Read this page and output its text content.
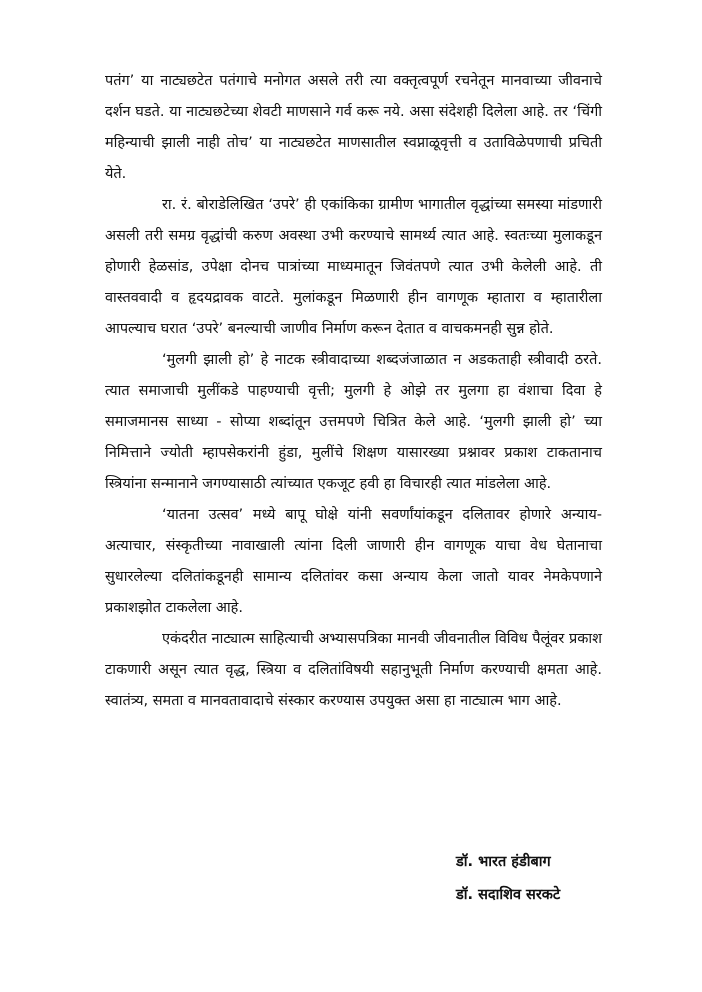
पतंग’ या नाट्यछटेत पतंगाचे मनोगत असले तरी त्या वक्तृत्वपूर्ण रचनेतून मानवाच्या जीवनाचे दर्शन घडते. या नाट्यछटेच्या शेवटी माणसाने गर्व करू नये. असा संदेशही दिलेला आहे. तर ‘चिंगी महिन्याची झाली नाही तोच’ या नाट्यछटेत माणसातील स्वप्नाळूवृत्ती व उताविळेपणाची प्रचिती येते.

रा. रं. बोराडेलिखित ‘उपरे’ ही एकांकिका ग्रामीण भागातील वृद्धांच्या समस्या मांडणारी असली तरी समग्र वृद्धांची करुण अवस्था उभी करण्याचे सामर्थ्य त्यात आहे. स्वतःच्या मुलाकडून होणारी हेळसांड, उपेक्षा दोनच पात्रांच्या माध्यमातून जिवंतपणे त्यात उभी केलेली आहे. ती वास्तववादी व हृदयद्रावक वाटते. मुलांकडून मिळणारी हीन वागणूक म्हातारा व म्हातारीला आपल्याच घरात ‘उपरे’ बनल्याची जाणीव निर्माण करून देतात व वाचकमनही सुन्न होते.

‘मुलगी झाली हो’ हे नाटक स्त्रीवादाच्या शब्दजंजाळात न अडकताही स्त्रीवादी ठरते. त्यात समाजाची मुलींकडे पाहण्याची वृत्ती; मुलगी हे ओझे तर मुलगा हा वंशाचा दिवा हे समाजमानस साध्या - सोप्या शब्दांतून उत्तमपणे चित्रित केले आहे. ‘मुलगी झाली हो’ च्या निमित्ताने ज्योती म्हापसेकरांनी हुंडा, मुलींचे शिक्षण यासारख्या प्रश्नावर प्रकाश टाकतानाच स्त्रियांना सन्मानाने जगण्यासाठी त्यांच्यात एकजूट हवी हा विचारही त्यात मांडलेला आहे.

‘यातना उत्सव’ मध्ये बापू घोक्षे यांनी सवर्णांयांकडून दलितावर होणारे अन्याय-अत्याचार, संस्कृतीच्या नावाखाली त्यांना दिली जाणारी हीन वागणूक याचा वेध घेतानाचा सुधारलेल्या दलितांकडूनही सामान्य दलितांवर कसा अन्याय केला जातो यावर नेमकेपणाने प्रकाशझोत टाकलेला आहे.

एकंदरीत नाट्यात्म साहित्याची अभ्यासपत्रिका मानवी जीवनातील विविध पैलूंवर प्रकाश टाकणारी असून त्यात वृद्ध, स्त्रिया व दलितांविषयी सहानुभूती निर्माण करण्याची क्षमता आहे. स्वातंत्र्य, समता व मानवतावादाचे संस्कार करण्यास उपयुक्त असा हा नाट्यात्म भाग आहे.

डॉ. भारत हंडीबाग
डॉ. सदाशिव सरकटे
